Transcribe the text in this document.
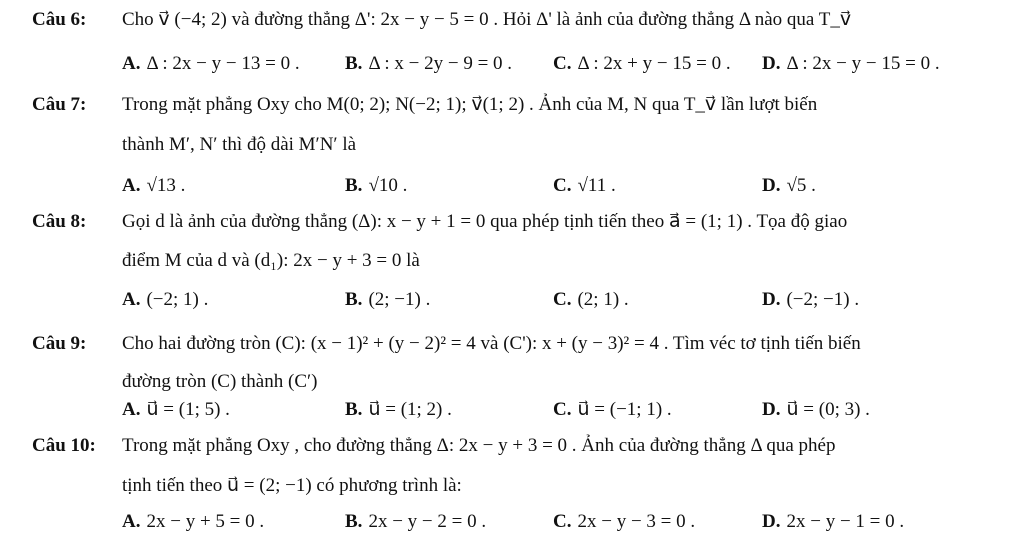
Câu 6: Cho v⃗ (−4; 2) và đường thẳng Δ': 2x − y − 5 = 0 . Hỏi Δ' là ảnh của đường thẳng Δ nào qua T_v⃗
A. Δ : 2x − y − 13 = 0 . B. Δ : x − 2y − 9 = 0 . C. Δ : 2x + y − 15 = 0 . D. Δ : 2x − y − 15 = 0 .
Câu 7: Trong mặt phẳng Oxy cho M(0; 2); N(−2; 1); v⃗(1; 2) . Ảnh của M, N qua T_v⃗ lần lượt biến
thành M′, N′ thì độ dài M′N′ là
A. √13 .	B. √10 .	C. √11 .	D. √5 .
Câu 8: Gọi d là ảnh của đường thẳng (Δ): x − y + 1 = 0 qua phép tịnh tiến theo a⃗ = (1; 1) . Tọa độ giao
điểm M của d và (d₁): 2x − y + 3 = 0 là
A. (−2; 1) .	B. (2; −1) .	C. (2; 1) .	D. (−2; −1) .
Câu 9: Cho hai đường tròn (C): (x − 1)² + (y − 2)² = 4 và (C'): x + (y − 3)² = 4 . Tìm véc tơ tịnh tiến biến
đường tròn (C) thành (C′)
A. u⃗ = (1; 5) .	B. u⃗ = (1; 2) .	C. u⃗ = (−1; 1) .	D. u⃗ = (0; 3) .
Câu 10: Trong mặt phẳng Oxy , cho đường thẳng Δ: 2x − y + 3 = 0 . Ảnh của đường thẳng Δ qua phép
tịnh tiến theo u⃗ = (2; −1) có phương trình là:
A. 2x − y + 5 = 0 .	B. 2x − y − 2 = 0 .	C. 2x − y − 3 = 0 .	D. 2x − y − 1 = 0 .
